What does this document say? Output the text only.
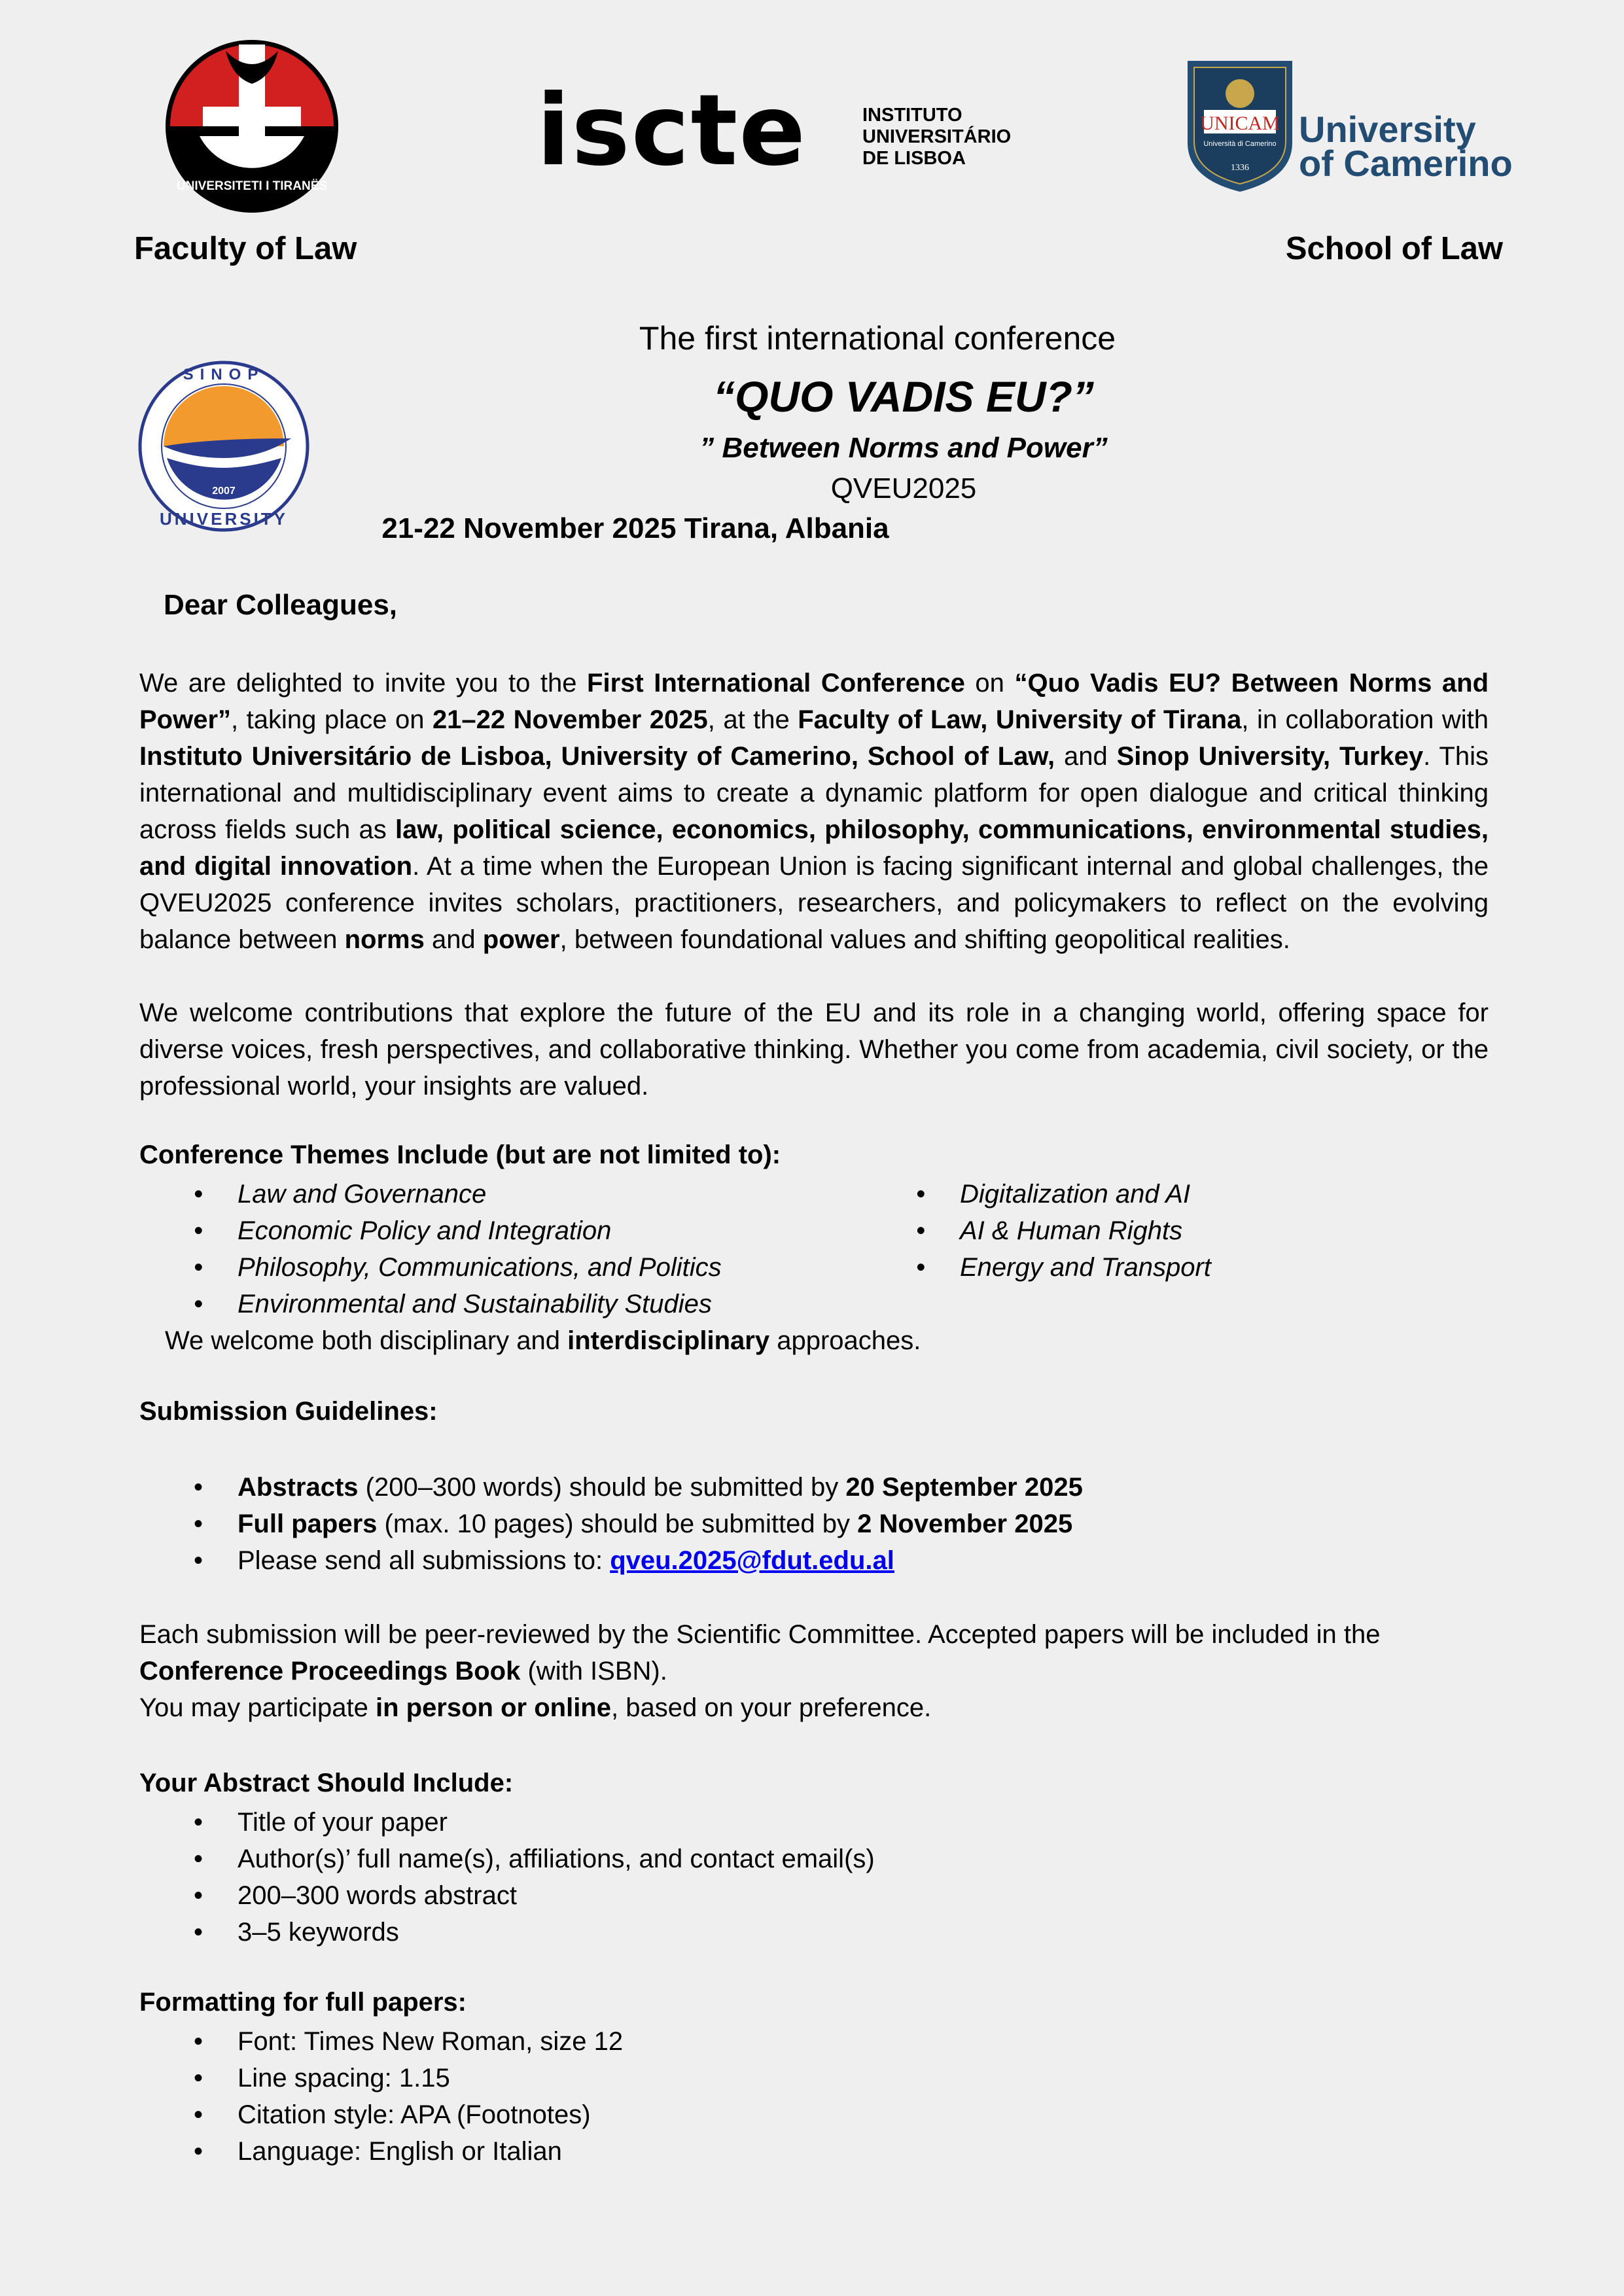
UNIVERSITETI I TIRANËS iscte	INSTITUTO
UNIVERSITÁRIO
DE LISBOA
UNICAM
Università di Camerino
1336
University
of Camerino
Faculty of Law	School of Law
2007
SINOP
UNIVERSITY
The first international conference
“QUO VADIS EU?”
” Between Norms and Power”
QVEU2025
21-22 November 2025 Tirana, Albania
Dear Colleagues,
We are delighted to invite you to the First International Conference on “Quo Vadis EU? Between Norms and Power”, taking place on 21–22 November 2025, at the Faculty of Law, University of Tirana, in collaboration with Instituto Universitário de Lisboa, University of Camerino, School of Law, and Sinop University, Turkey. This international and multidisciplinary event aims to create a dynamic platform for open dialogue and critical thinking across fields such as law, political science, economics, philosophy, communications, environmental studies, and digital innovation. At a time when the European Union is facing significant internal and global challenges, the QVEU2025 conference invites scholars, practitioners, researchers, and policymakers to reflect on the evolving balance between norms and power, between foundational values and shifting geopolitical realities.
We welcome contributions that explore the future of the EU and its role in a changing world, offering space for diverse voices, fresh perspectives, and collaborative thinking. Whether you come from academia, civil society, or the professional world, your insights are valued.
Conference Themes Include (but are not limited to):
• Law and Governance
• Economic Policy and Integration
• Philosophy, Communications, and Politics
• Environmental and Sustainability Studies
• Digitalization and AI
• AI & Human Rights
• Energy and Transport
We welcome both disciplinary and interdisciplinary approaches.
Submission Guidelines:
• Abstracts (200–300 words) should be submitted by 20 September 2025
• Full papers (max. 10 pages) should be submitted by 2 November 2025
• Please send all submissions to: qveu.2025@fdut.edu.al
Each submission will be peer-reviewed by the Scientific Committee. Accepted papers will be included in the
Conference Proceedings Book (with ISBN).
You may participate in person or online, based on your preference.
Your Abstract Should Include:
• Title of your paper
• Author(s)’ full name(s), affiliations, and contact email(s)
• 200–300 words abstract
• 3–5 keywords
Formatting for full papers:
• Font: Times New Roman, size 12
• Line spacing: 1.15
• Citation style: APA (Footnotes)
• Language: English or Italian
